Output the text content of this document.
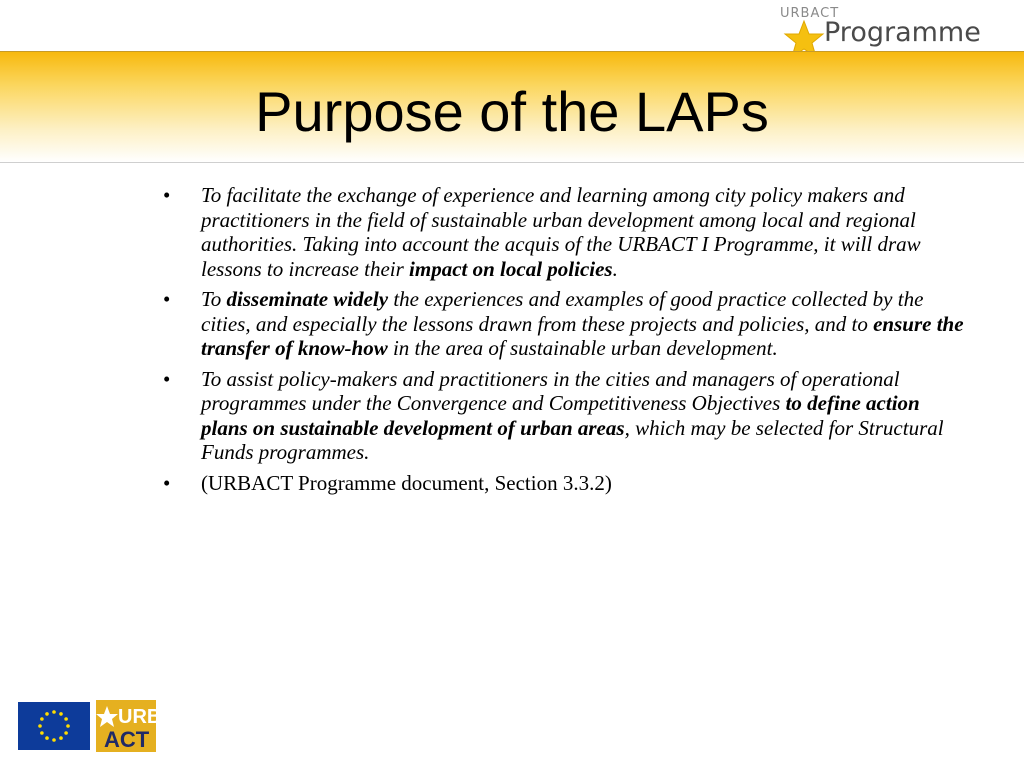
URBACT
Programme
Purpose of the LAPs
• To facilitate the exchange of experience and learning among city policy makers and practitioners in the field of sustainable urban development among local and regional authorities. Taking into account the acquis of the URBACT I Programme, it will draw lessons to increase their impact on local policies.
• To disseminate widely the experiences and examples of good practice collected by the cities, and especially the lessons drawn from these projects and policies, and to ensure the transfer of know-how in the area of sustainable urban development.
• To assist policy-makers and practitioners in the cities and managers of operational programmes under the Convergence and Competitiveness Objectives to define action plans on sustainable development of urban areas, which may be selected for Structural Funds programmes.
• (URBACT Programme document, Section 3.3.2)
URB
ACT
